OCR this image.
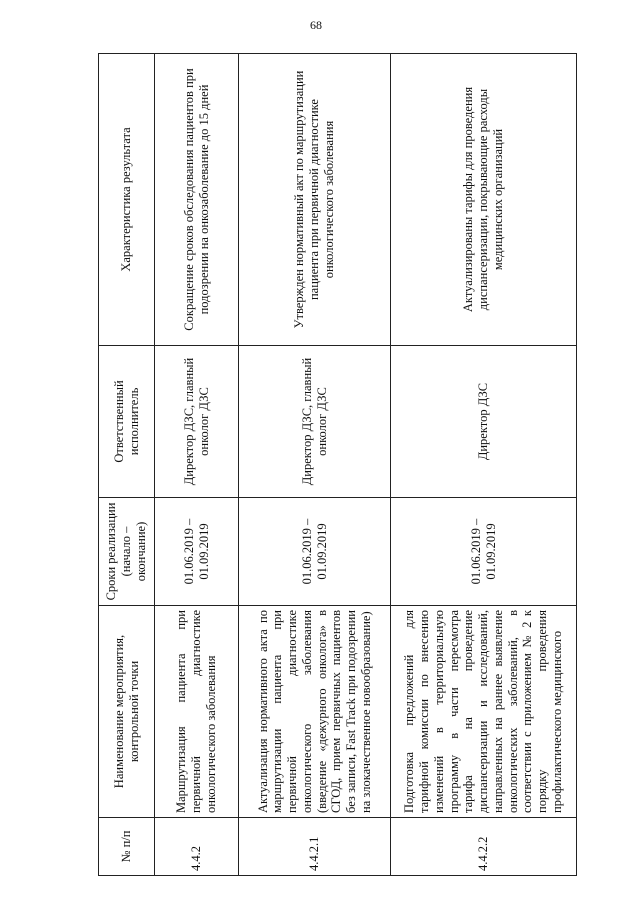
68
№ п/п	Наименование мероприятия, контрольной точки	Сроки реализации (начало – окончание)	Ответственный исполнитель	Характеристика результата
4.4.2	Маршрутизация пациента при первичной диагностике онкологического заболевания	01.06.2019 – 01.09.2019	Директор ДЗС, главный онколог ДЗС	Сокращение сроков обследования пациентов при подозрении на онкозаболевание до 15 дней
4.4.2.1	Актуализация нормативного акта по маршрутизации пациента при первичной диагностике онкологического заболевания (введение «дежурного онколога» в СГОД, прием первичных пациентов без записи, Fast Track при подозрении на злокачественное новообразование)	01.06.2019 – 01.09.2019	Директор ДЗС, главный онколог ДЗС	Утвержден нормативный акт по маршрутизации пациента при первичной диагностике онкологического заболевания
4.4.2.2	Подготовка предложений для тарифной комиссии по внесению изменений в территориальную программу в части пересмотра тарифа на проведение диспансеризации и исследований, направленных на раннее выявление онкологических заболеваний, в соответствии с приложением № 2 к порядку проведения профилактического медицинского	01.06.2019 – 01.09.2019	Директор ДЗС	Актуализированы тарифы для проведения диспансеризации, покрывающие расходы медицинских организаций
